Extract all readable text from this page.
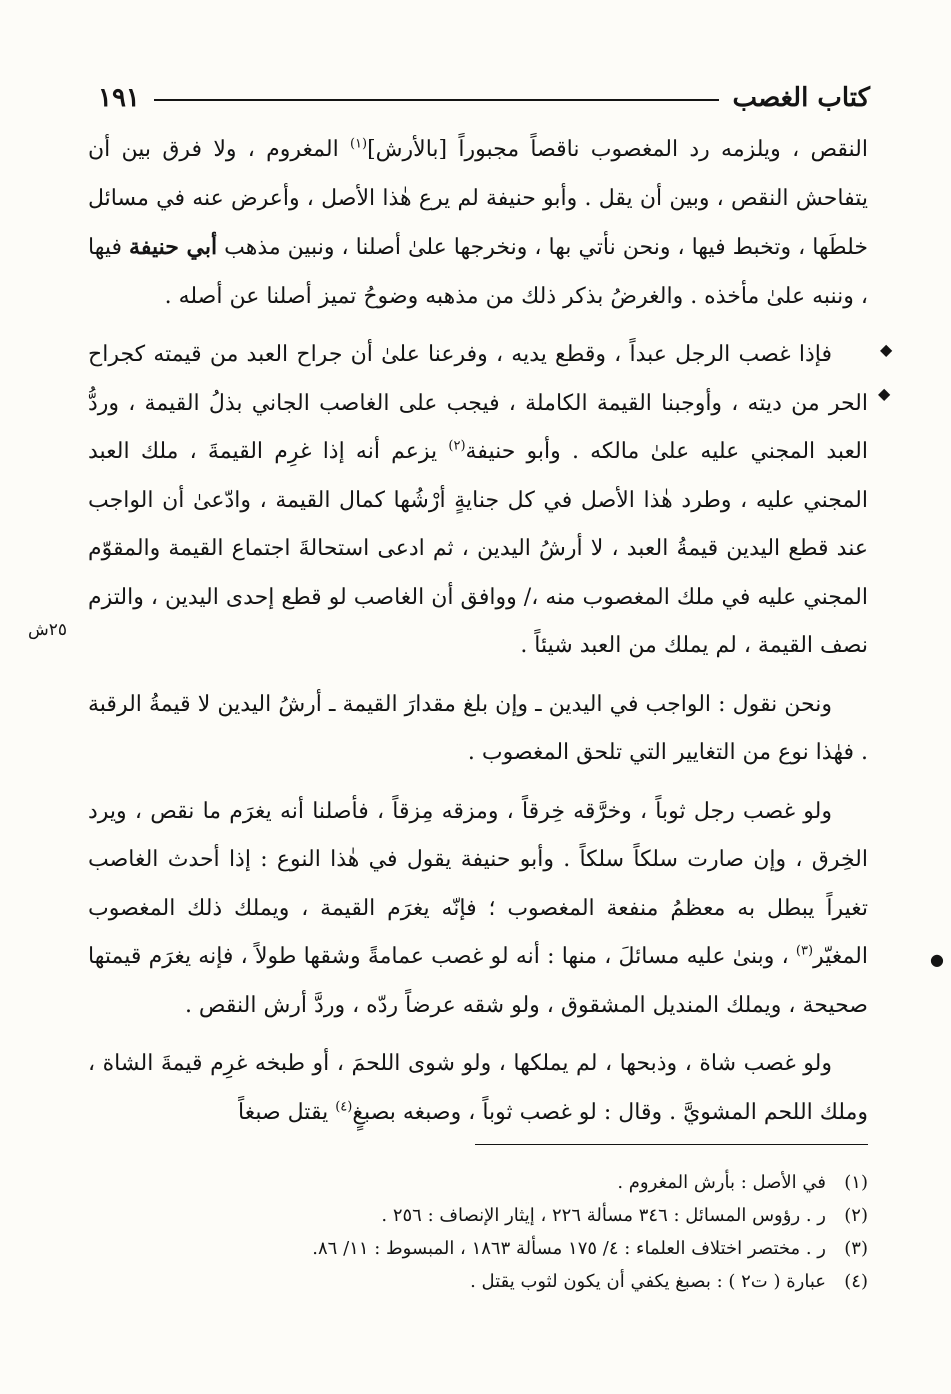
كتاب الغصب
١٩١

النقص ، ويلزمه رد المغصوب ناقصاً مجبوراً [بالأرش]$^{(١)}$ المغروم ، ولا فرق بين أن يتفاحش النقص ، وبين أن يقل . وأبو حنيفة لم يرع هٰذا الأصل ، وأعرض عنه في مسائل خلطَها ، وتخبط فيها ، ونحن نأتي بها ، ونخرجها علىٰ أصلنا ، ونبين مذهب أبي حنيفة فيها ، وننبه علىٰ مأخذه . والغرضُ بذكر ذلك من مذهبه وضوحُ تميز أصلنا عن أصله .

فإذا غصب الرجل عبداً ، وقطع يديه ، وفرعنا علىٰ أن جراح العبد من قيمته كجراح الحر من ديته ، وأوجبنا القيمة الكاملة ، فيجب على الغاصب الجاني بذلُ القيمة ، وردُّ العبد المجني عليه علىٰ مالكه . وأبو حنيفة$^{(٢)}$ يزعم أنه إذا غرِم القيمةَ ، ملك العبد المجني عليه ، وطرد هٰذا الأصل في كل جنايةٍ أرْشُها كمال القيمة ، وادّعىٰ أن الواجب عند قطع اليدين قيمةُ العبد ، لا أرشُ اليدين ، ثم ادعى استحالةَ اجتماع القيمة والمقوّم المجني عليه في ملك المغصوب منه ،/ ووافق أن الغاصب لو قطع إحدى اليدين ، والتزم نصف القيمة ، لم يملك من العبد شيئاً .

ونحن نقول : الواجب في اليدين ـ وإن بلغ مقدارَ القيمة ـ أرشُ اليدين لا قيمةُ الرقبة . فهٰذا نوع من التغايير التي تلحق المغصوب .

ولو غصب رجل ثوباً ، وخرَّقه خِرقاً ، ومزقه مِزقاً ، فأصلنا أنه يغرَم ما نقص ، ويرد الخِرق ، وإن صارت سلكاً سلكاً . وأبو حنيفة يقول في هٰذا النوع : إذا أحدث الغاصب تغيراً يبطل به معظمُ منفعة المغصوب ؛ فإنّه يغرَم القيمة ، ويملك ذلك المغصوب المغيّر$^{(٣)}$ ، وبنىٰ عليه مسائلَ ، منها : أنه لو غصب عمامةً وشقها طولاً ، فإنه يغرَم قيمتها صحيحة ، ويملك المنديل المشقوق ، ولو شقه عرضاً ردّه ، وردَّ أرش النقص .

ولو غصب شاة ، وذبحها ، لم يملكها ، ولو شوى اللحمَ ، أو طبخه غرِم قيمةَ الشاة ، وملك اللحم المشويَّ . وقال : لو غصب ثوباً ، وصبغه بصبغٍ$^{(٤)}$ يقتل صبغاً

٢٥ش
◆
◆
●
(١)
في الأصل : بأرش المغروم .
(٢)
ر . رؤوس المسائل : ٣٤٦ مسألة ٢٢٦ ، إيثار الإنصاف : ٢٥٦ .
(٣)
ر . مختصر اختلاف العلماء : ٤/ ١٧٥ مسألة ١٨٦٣ ، المبسوط : ١١/ ٨٦.
(٤)
عبارة ( ت٢ ) : بصبغ يكفي أن يكون لثوب يقتل .
